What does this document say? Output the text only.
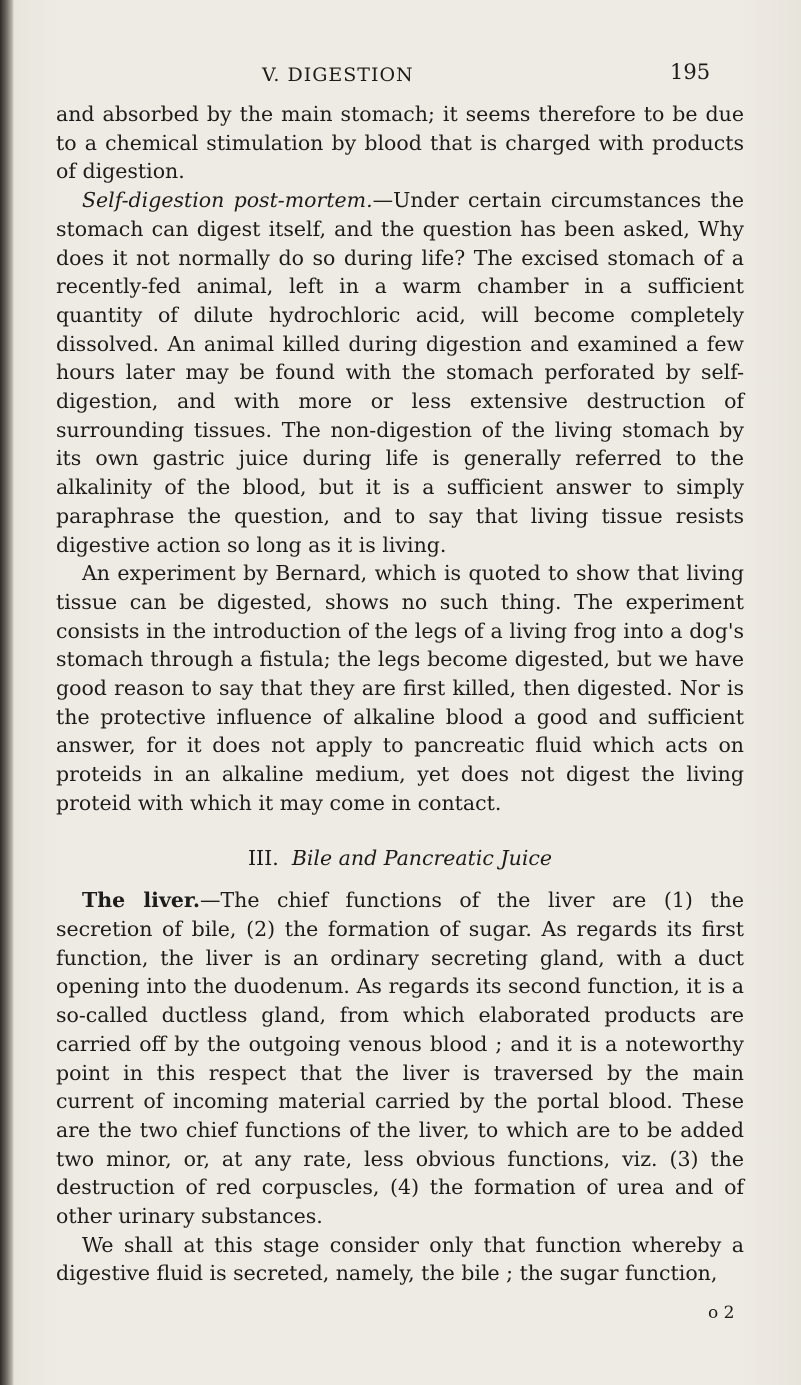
V. DIGESTION	195

and absorbed by the main stomach; it seems therefore to be due to a chemical stimulation by blood that is charged with products of digestion.

Self-digestion post-mortem.—Under certain circumstances the stomach can digest itself, and the question has been asked, Why does it not normally do so during life? The excised stomach of a recently-fed animal, left in a warm chamber in a sufficient quantity of dilute hydrochloric acid, will become completely dissolved. An animal killed during digestion and examined a few hours later may be found with the stomach perforated by self-digestion, and with more or less extensive destruction of surrounding tissues. The non-digestion of the living stomach by its own gastric juice during life is generally referred to the alkalinity of the blood, but it is a sufficient answer to simply paraphrase the question, and to say that living tissue resists digestive action so long as it is living.

An experiment by Bernard, which is quoted to show that living tissue can be digested, shows no such thing. The experiment consists in the introduction of the legs of a living frog into a dog's stomach through a fistula; the legs become digested, but we have good reason to say that they are first killed, then digested. Nor is the protective influence of alkaline blood a good and sufficient answer, for it does not apply to pancreatic fluid which acts on proteids in an alkaline medium, yet does not digest the living proteid with which it may come in contact.

III. Bile and Pancreatic Juice

The liver.—The chief functions of the liver are (1) the secretion of bile, (2) the formation of sugar. As regards its first function, the liver is an ordinary secreting gland, with a duct opening into the duodenum. As regards its second function, it is a so-called ductless gland, from which elaborated products are carried off by the outgoing venous blood ; and it is a noteworthy point in this respect that the liver is traversed by the main current of incoming material carried by the portal blood. These are the two chief functions of the liver, to which are to be added two minor, or, at any rate, less obvious functions, viz. (3) the destruction of red corpuscles, (4) the formation of urea and of other urinary substances.

We shall at this stage consider only that function whereby a digestive fluid is secreted, namely, the bile ; the sugar function,

o 2
